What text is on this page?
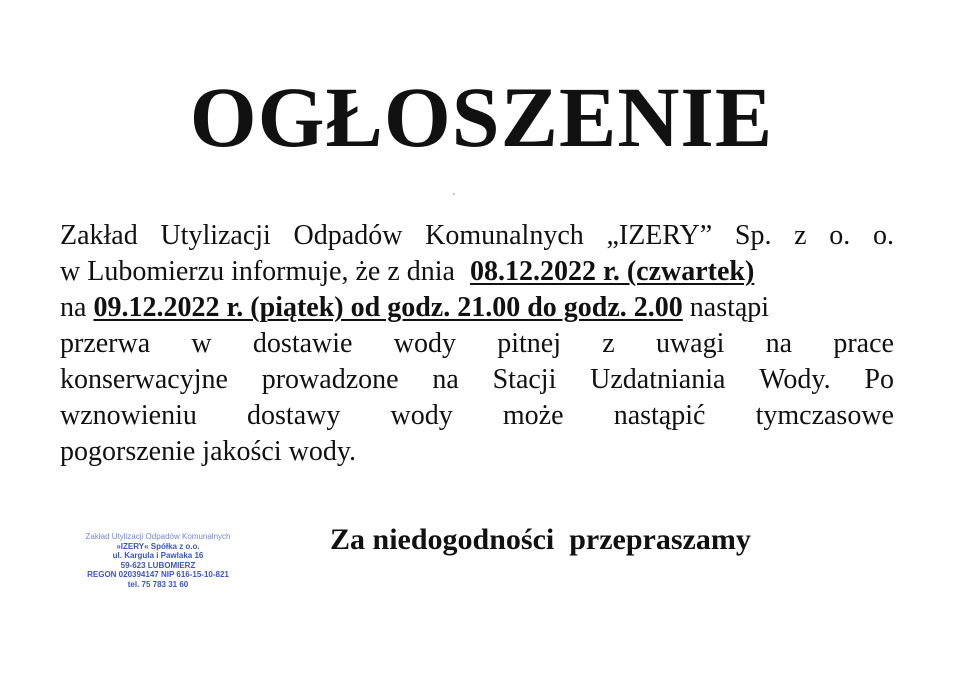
OGŁOSZENIE
Zakład Utylizacji Odpadów Komunalnych „IZERY” Sp. z o. o.
w Lubomierzu informuje, że z dnia 08.12.2022 r. (czwartek)
na 09.12.2022 r. (piątek) od godz. 21.00 do godz. 2.00 nastąpi
przerwa w dostawie wody pitnej z uwagi na prace
konserwacyjne prowadzone na Stacji Uzdatniania Wody. Po
wznowieniu dostawy wody może nastąpić tymczasowe
pogorszenie jakości wody.
Zakład Utylizacji Odpadów Komunalnych
»IZERY« Spółka z o.o.
ul. Kargula i Pawlaka 16
59-623 LUBOMIERZ
REGON 020394147 NIP 616-15-10-821
tel. 75 783 31 60
Za niedogodności  przepraszamy
